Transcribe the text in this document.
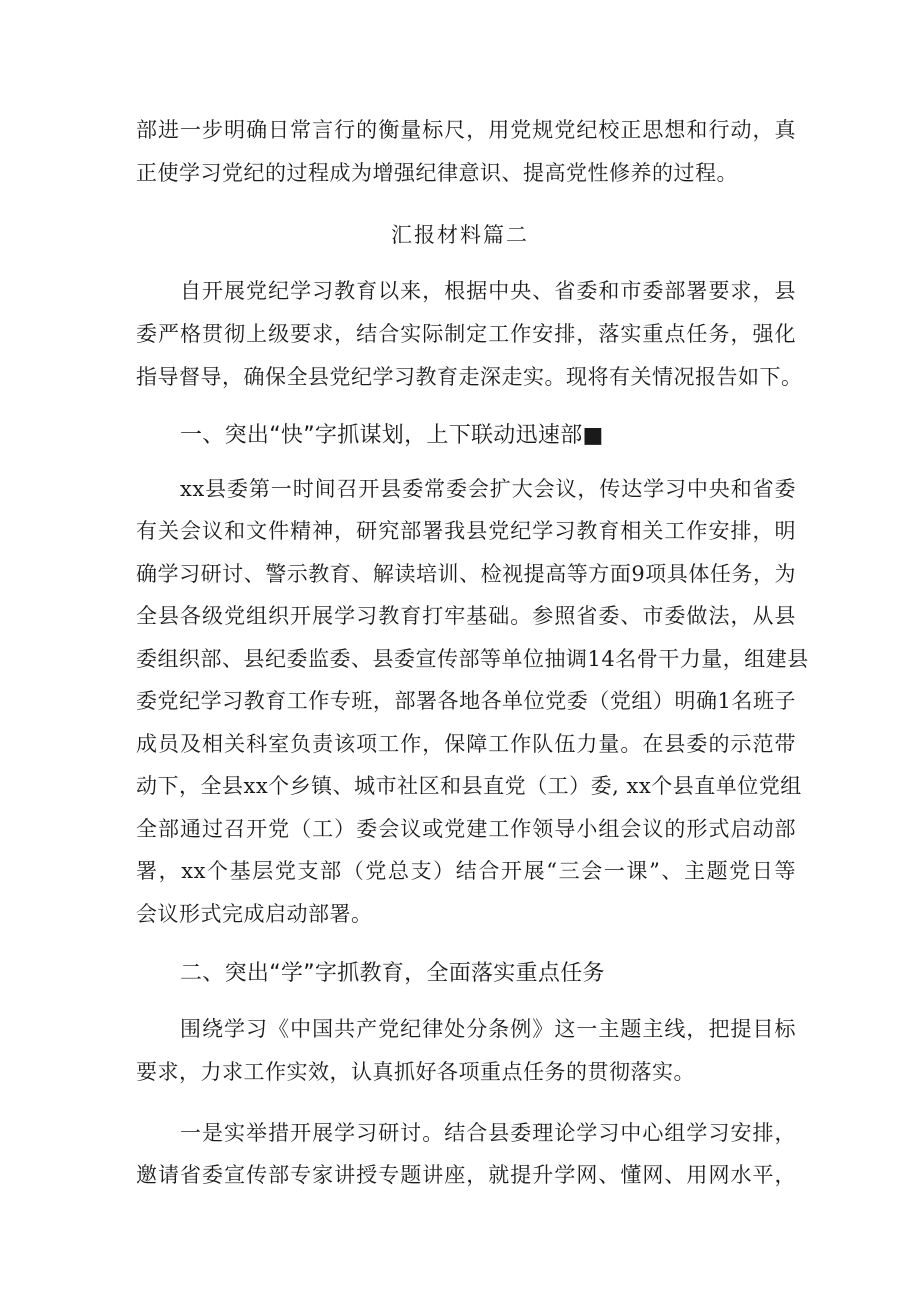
部进一步明确日常言行的衡量标尺，用党规党纪校正思想和行动，真
正使学习党纪的过程成为增强纪律意识、提高党性修养的过程。
汇报材料篇二
自开展党纪学习教育以来，根据中央、省委和市委部署要求，县
委严格贯彻上级要求，结合实际制定工作安排，落实重点任务，强化
指导督导，确保全县党纪学习教育走深走实。现将有关情况报告如下。
一、突出“快”字抓谋划，上下联动迅速部■
xx县委第一时间召开县委常委会扩大会议，传达学习中央和省委
有关会议和文件精神，研究部署我县党纪学习教育相关工作安排，明
确学习研讨、警示教育、解读培训、检视提高等方面9项具体任务，为
全县各级党组织开展学习教育打牢基础。参照省委、市委做法，从县
委组织部、县纪委监委、县委宣传部等单位抽调14名骨干力量，组建县
委党纪学习教育工作专班，部署各地各单位党委（党组）明确1名班子
成员及相关科室负责该项工作，保障工作队伍力量。在县委的示范带
动下，全县xx个乡镇、城市社区和县直党（工）委, xx个县直单位党组
全部通过召开党（工）委会议或党建工作领导小组会议的形式启动部
署，xx个基层党支部（党总支）结合开展“三会一课”、主题党日等
会议形式完成启动部署。
二、突出“学”字抓教育，全面落实重点任务
围绕学习《中国共产党纪律处分条例》这一主题主线，把提目标
要求，力求工作实效，认真抓好各项重点任务的贯彻落实。
一是实举措开展学习研讨。结合县委理论学习中心组学习安排，
邀请省委宣传部专家讲授专题讲座，就提升学网、懂网、用网水平，
